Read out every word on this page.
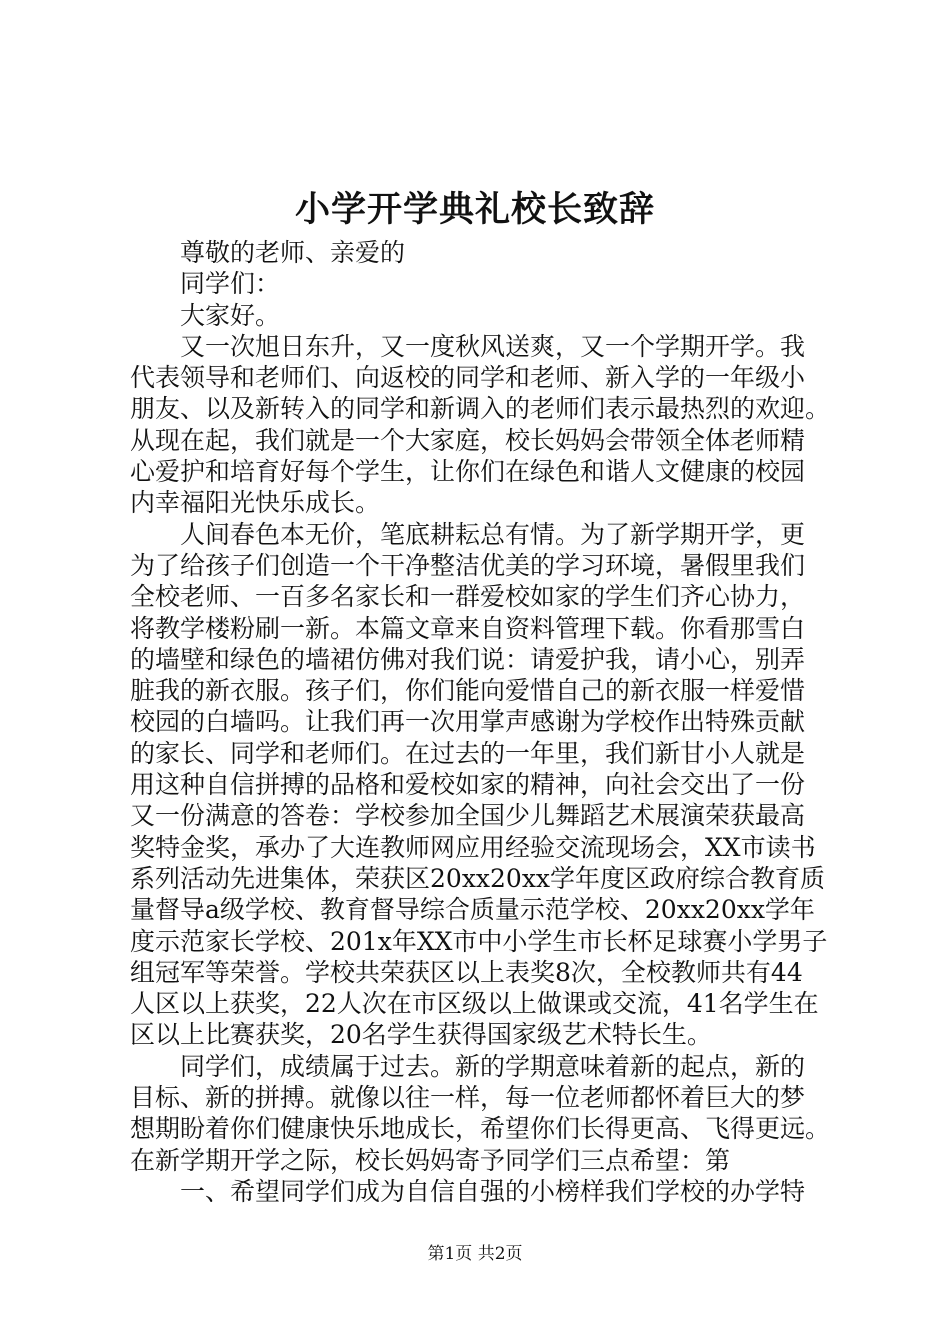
小学开学典礼校长致辞
尊敬的老师、亲爱的
同学们：
大家好。
又一次旭日东升，又一度秋风送爽，又一个学期开学。我
代表领导和老师们、向返校的同学和老师、新入学的一年级小
朋友、以及新转入的同学和新调入的老师们表示最热烈的欢迎。
从现在起，我们就是一个大家庭，校长妈妈会带领全体老师精
心爱护和培育好每个学生，让你们在绿色和谐人文健康的校园
内幸福阳光快乐成长。
人间春色本无价，笔底耕耘总有情。为了新学期开学，更
为了给孩子们创造一个干净整洁优美的学习环境，暑假里我们
全校老师、一百多名家长和一群爱校如家的学生们齐心协力，
将教学楼粉刷一新。本篇文章来自资料管理下载。你看那雪白
的墙壁和绿色的墙裙仿佛对我们说：请爱护我，请小心，别弄
脏我的新衣服。孩子们，你们能向爱惜自己的新衣服一样爱惜
校园的白墙吗。让我们再一次用掌声感谢为学校作出特殊贡献
的家长、同学和老师们。在过去的一年里，我们新甘小人就是
用这种自信拼搏的品格和爱校如家的精神，向社会交出了一份
又一份满意的答卷：学校参加全国少儿舞蹈艺术展演荣获最高
奖特金奖，承办了大连教师网应用经验交流现场会，XX市读书
系列活动先进集体，荣获区20xx20xx学年度区政府综合教育质
量督导a级学校、教育督导综合质量示范学校、20xx20xx学年
度示范家长学校、201x年XX市中小学生市长杯足球赛小学男子
组冠军等荣誉。学校共荣获区以上表奖8次，全校教师共有44
人区以上获奖，22人次在市区级以上做课或交流，41名学生在
区以上比赛获奖，20名学生获得国家级艺术特长生。
同学们，成绩属于过去。新的学期意味着新的起点，新的
目标、新的拼搏。就像以往一样，每一位老师都怀着巨大的梦
想期盼着你们健康快乐地成长，希望你们长得更高、飞得更远。
在新学期开学之际，校长妈妈寄予同学们三点希望：第
一、希望同学们成为自信自强的小榜样我们学校的办学特
第1页 共2页
